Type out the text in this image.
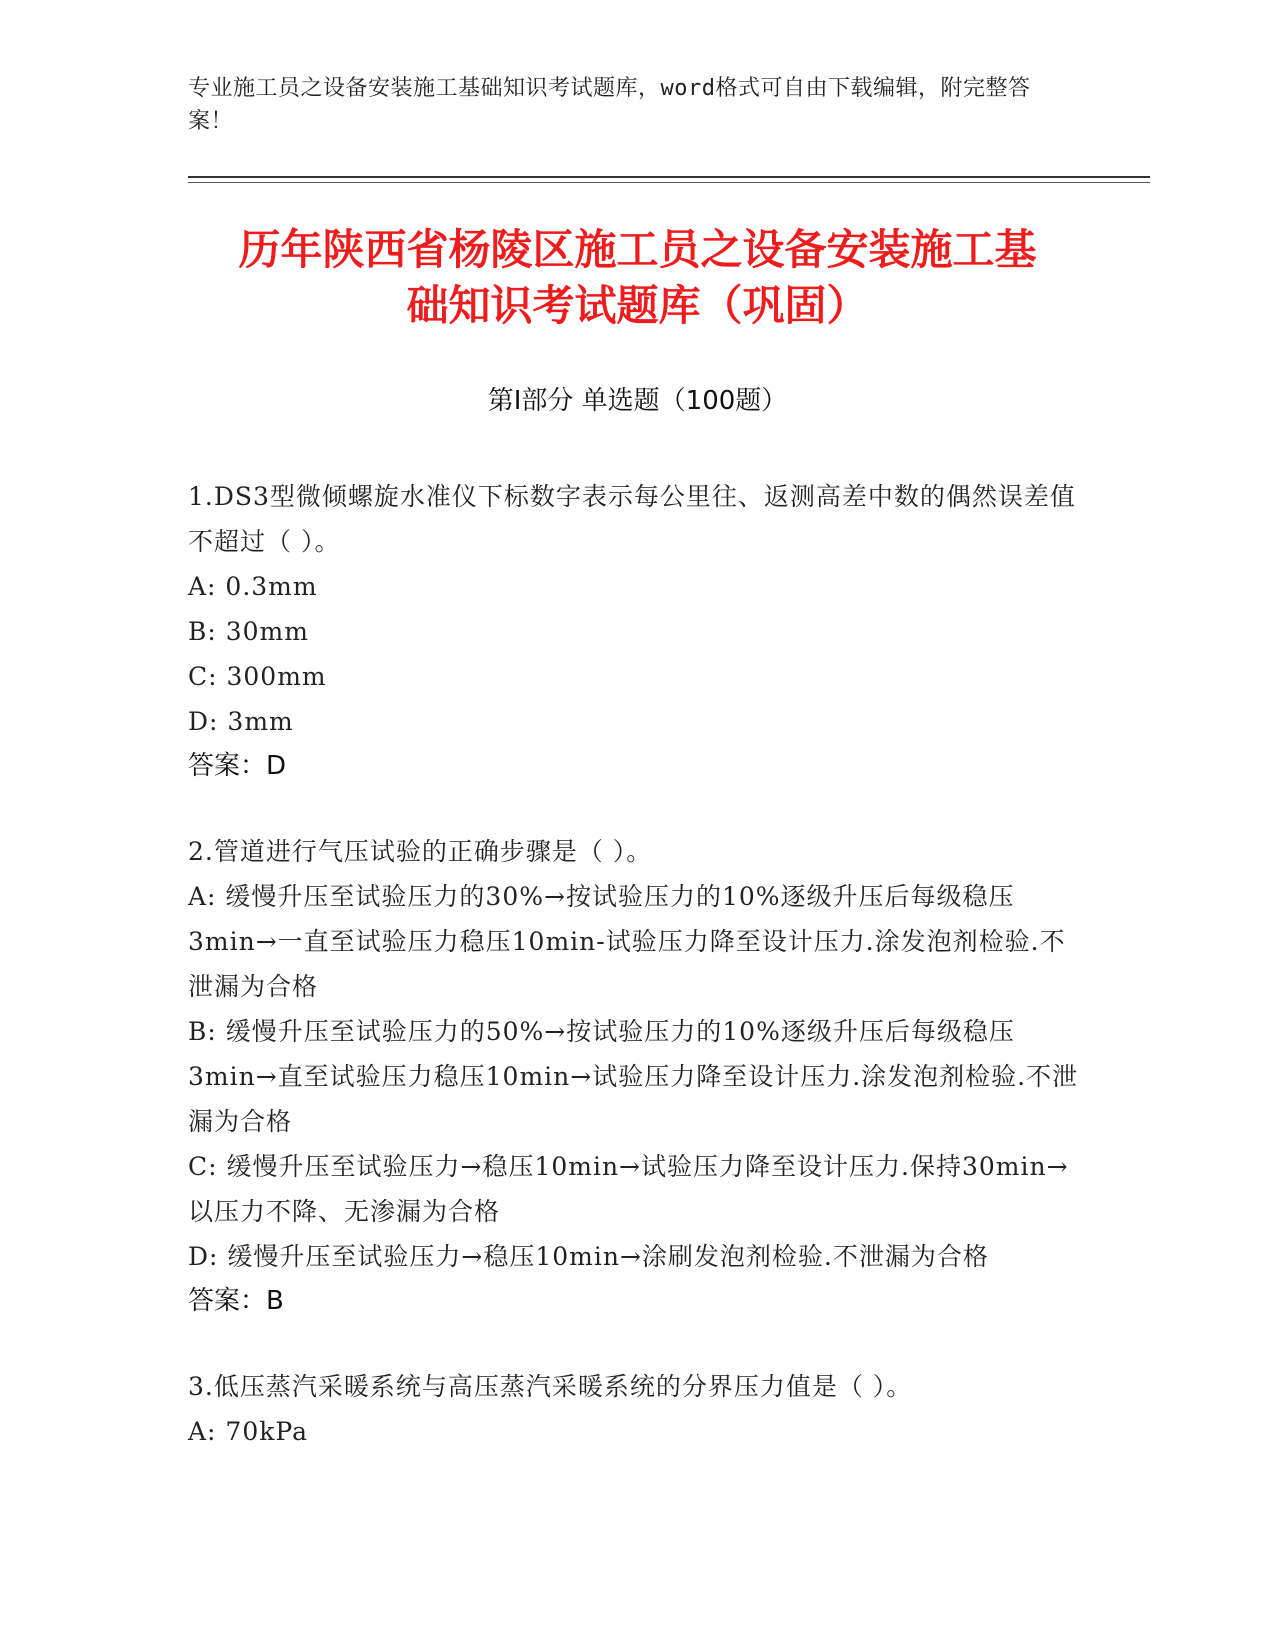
专业施工员之设备安装施工基础知识考试题库，word格式可自由下载编辑，附完整答案！
历年陕西省杨陵区施工员之设备安装施工基
础知识考试题库（巩固）
第Ⅰ部分 单选题（100题）
1.DS3型微倾螺旋水准仪下标数字表示每公里往、返测高差中数的偶然误差值不超过（ ）。
A: 0.3mm
B: 30mm
C: 300mm
D: 3mm
答案：D
2.管道进行气压试验的正确步骤是（ ）。
A: 缓慢升压至试验压力的30%→按试验压力的10%逐级升压后每级稳压3min→一直至试验压力稳压10min-试验压力降至设计压力.涂发泡剂检验.不泄漏为合格
B: 缓慢升压至试验压力的50%→按试验压力的10%逐级升压后每级稳压3min→直至试验压力稳压10min→试验压力降至设计压力.涂发泡剂检验.不泄漏为合格
C: 缓慢升压至试验压力→稳压10min→试验压力降至设计压力.保持30min→以压力不降、无渗漏为合格
D: 缓慢升压至试验压力→稳压10min→涂刷发泡剂检验.不泄漏为合格
答案：B
3.低压蒸汽采暖系统与高压蒸汽采暖系统的分界压力值是（ ）。
A: 70kPa
